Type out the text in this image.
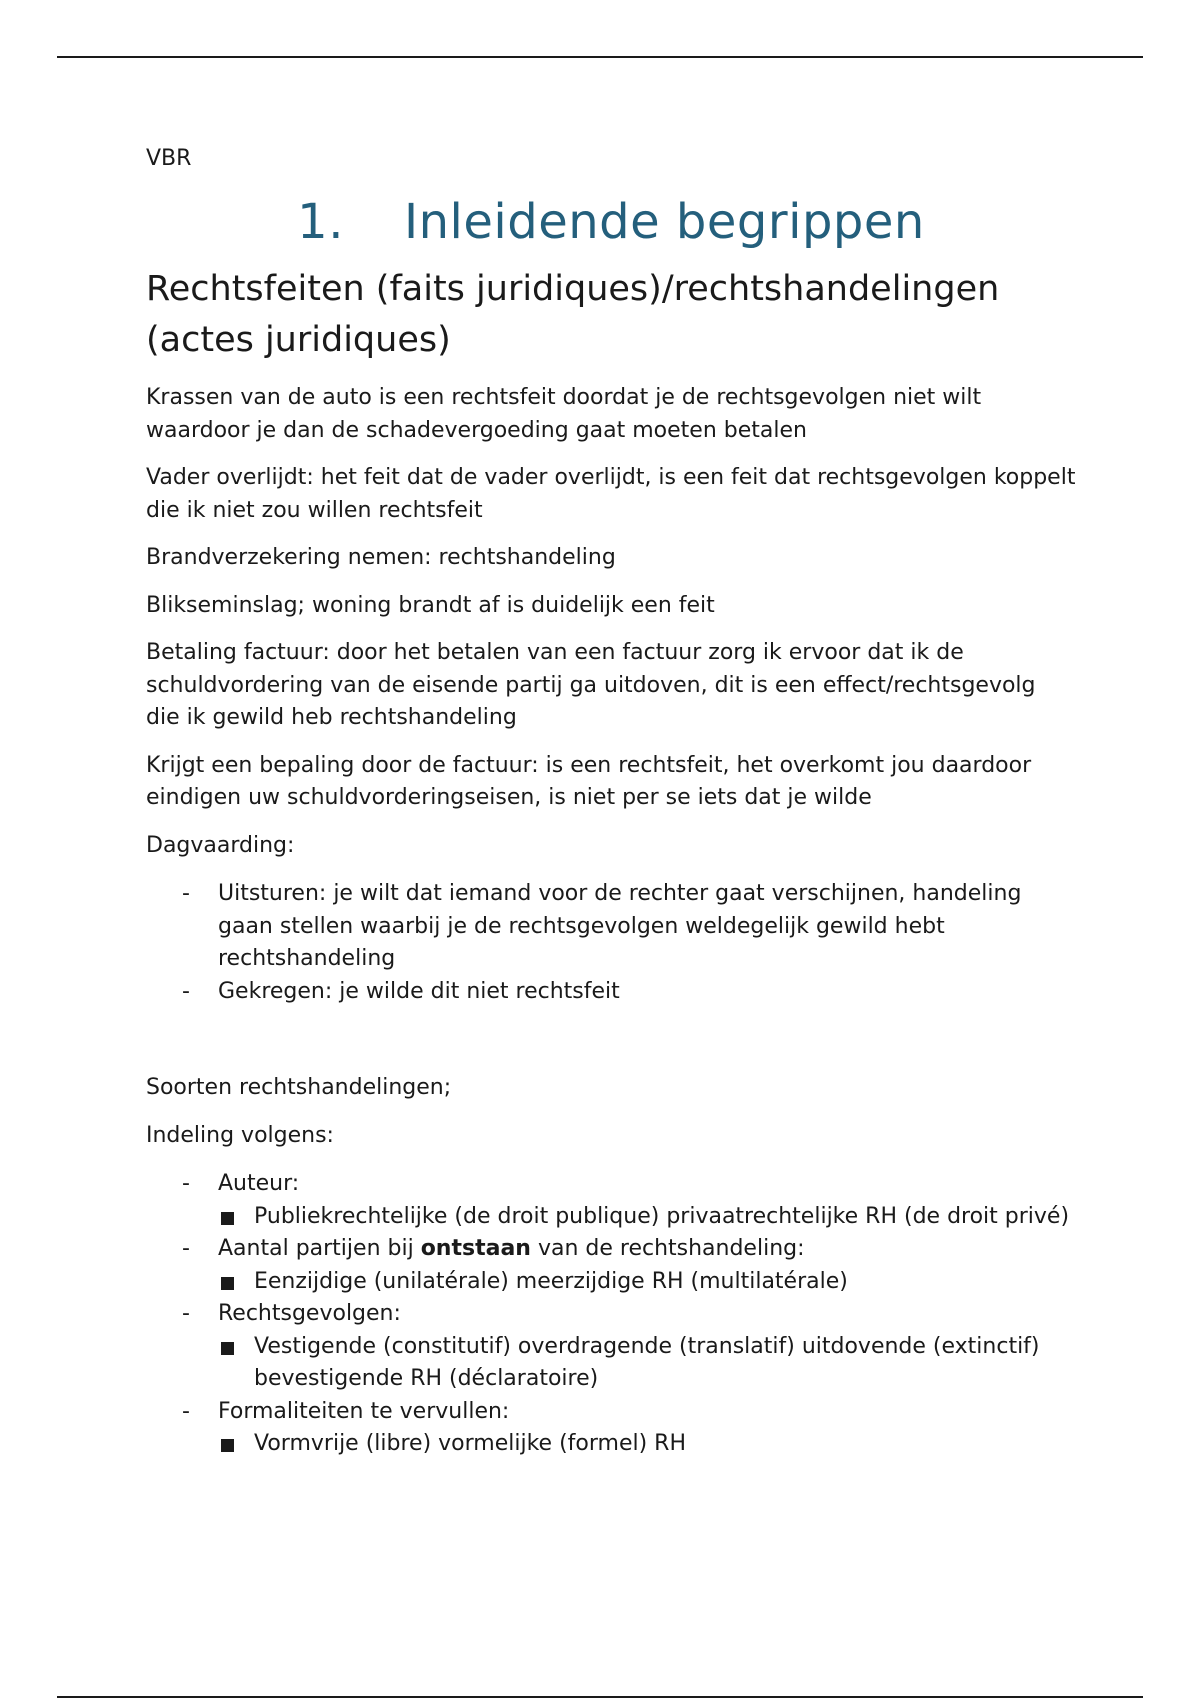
VBR

1. Inleidende begrippen
Rechtsfeiten (faits juridiques)/rechtshandelingen (actes juridiques)

Krassen van de auto is een rechtsfeit doordat je de rechtsgevolgen niet wilt waardoor je dan de schadevergoeding gaat moeten betalen

Vader overlijdt: het feit dat de vader overlijdt, is een feit dat rechtsgevolgen koppelt die ik niet zou willen rechtsfeit

Brandverzekering nemen: rechtshandeling

Blikseminslag; woning brandt af is duidelijk een feit

Betaling factuur: door het betalen van een factuur zorg ik ervoor dat ik de schuldvordering van de eisende partij ga uitdoven, dit is een effect/rechtsgevolg die ik gewild heb rechtshandeling

Krijgt een bepaling door de factuur: is een rechtsfeit, het overkomt jou daardoor eindigen uw schuldvorderingseisen, is niet per se iets dat je wilde

Dagvaarding:

- Uitsturen: je wilt dat iemand voor de rechter gaat verschijnen, handeling gaan stellen waarbij je de rechtsgevolgen weldegelijk gewild hebt rechtshandeling
- Gekregen: je wilde dit niet rechtsfeit

Soorten rechtshandelingen;

Indeling volgens:

- Auteur:
Publiekrechtelijke (de droit publique) privaatrechtelijke RH (de droit privé)
- Aantal partijen bij ontstaan van de rechtshandeling:
Eenzijdige (unilatérale) meerzijdige RH (multilatérale)
- Rechtsgevolgen:
Vestigende (constitutif) overdragende (translatif) uitdovende (extinctif) bevestigende RH (déclaratoire)
- Formaliteiten te vervullen:
Vormvrije (libre) vormelijke (formel) RH
